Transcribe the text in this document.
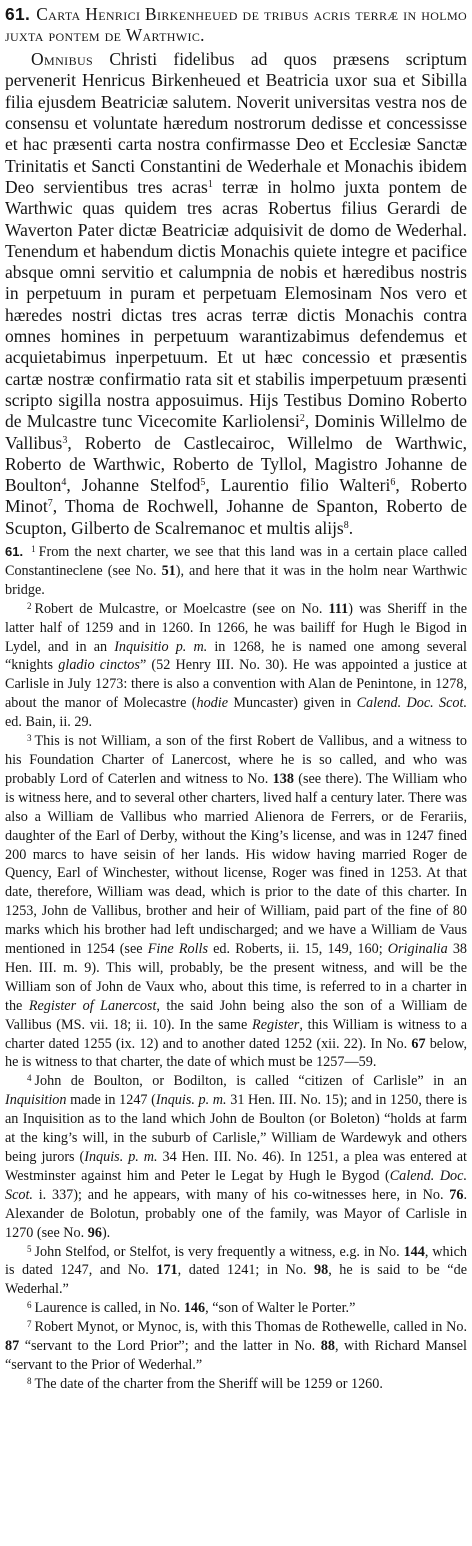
61. Carta Henrici Birkenheued de tribus acris terræ in holmo juxta pontem de Warthwic.

Omnibus Christi fidelibus ad quos præsens scriptum pervenerit Henricus Birkenheued et Beatricia uxor sua et Sibilla filia ejusdem Beatriciæ salutem. Noverit universitas vestra nos de consensu et voluntate hæredum nostrorum dedisse et concessisse et hac præsenti carta nostra confirmasse Deo et Ecclesiæ Sanctæ Trinitatis et Sancti Constantini de Wederhale et Monachis ibidem Deo servientibus tres acras$^1$ terræ in holmo juxta pontem de Warthwic quas quidem tres acras Robertus filius Gerardi de Waverton Pater dictæ Beatriciæ adquisivit de domo de Wederhal. Tenendum et habendum dictis Monachis quiete integre et pacifice absque omni servitio et calumpnia de nobis et hæredibus nostris in perpetuum in puram et perpetuam Elemosinam Nos vero et hæredes nostri dictas tres acras terræ dictis Monachis contra omnes homines in perpetuum warantizabimus defendemus et acquietabimus inperpetuum. Et ut hæc concessio et præsentis cartæ nostræ confirmatio rata sit et stabilis imperpetuum præsenti scripto sigilla nostra apposuimus. Hijs Testibus Domino Roberto de Mulcastre tunc Vicecomite Karliolensi$^2$, Dominis Willelmo de Vallibus$^3$, Roberto de Castlecairoc, Willelmo de Warthwic, Roberto de Warthwic, Roberto de Tyllol, Magistro Johanne de Boulton$^4$, Johanne Stelfod$^5$, Laurentio filio Walteri$^6$, Roberto Minot$^7$, Thoma de Rochwell, Johanne de Spanton, Roberto de Scupton, Gilberto de Scalremanoc et multis alijs$^8$.

61. $^1$ From the next charter, we see that this land was in a certain place called Constantineclene (see No. 51), and here that it was in the holm near Warthwic bridge.

$^2$ Robert de Mulcastre, or Moelcastre (see on No. 111) was Sheriff in the latter half of 1259 and in 1260. In 1266, he was bailiff for Hugh le Bigod in Lydel, and in an Inquisitio p. m. in 1268, he is named one among several “knights gladio cinctos” (52 Henry III. No. 30). He was appointed a justice at Carlisle in July 1273: there is also a convention with Alan de Penintone, in 1278, about the manor of Molecastre (hodie Muncaster) given in Calend. Doc. Scot. ed. Bain, ii. 29.

$^3$ This is not William, a son of the first Robert de Vallibus, and a witness to his Foundation Charter of Lanercost, where he is so called, and who was probably Lord of Caterlen and witness to No. 138 (see there). The William who is witness here, and to several other charters, lived half a century later. There was also a William de Vallibus who married Alienora de Ferrers, or de Ferariis, daughter of the Earl of Derby, without the King’s license, and was in 1247 fined 200 marcs to have seisin of her lands. His widow having married Roger de Quency, Earl of Winchester, without license, Roger was fined in 1253. At that date, therefore, William was dead, which is prior to the date of this charter. In 1253, John de Vallibus, brother and heir of William, paid part of the fine of 80 marks which his brother had left undischarged; and we have a William de Vaus mentioned in 1254 (see Fine Rolls ed. Roberts, ii. 15, 149, 160; Originalia 38 Hen. III. m. 9). This will, probably, be the present witness, and will be the William son of John de Vaux who, about this time, is referred to in a charter in the Register of Lanercost, the said John being also the son of a William de Vallibus (MS. vii. 18; ii. 10). In the same Register, this William is witness to a charter dated 1255 (ix. 12) and to another dated 1252 (xii. 22). In No. 67 below, he is witness to that charter, the date of which must be 1257—59.

$^4$ John de Boulton, or Bodilton, is called “citizen of Carlisle” in an Inquisition made in 1247 (Inquis. p. m. 31 Hen. III. No. 15); and in 1250, there is an Inquisition as to the land which John de Boulton (or Boleton) “holds at farm at the king’s will, in the suburb of Carlisle,” William de Wardewyk and others being jurors (Inquis. p. m. 34 Hen. III. No. 46). In 1251, a plea was entered at Westminster against him and Peter le Legat by Hugh le Bygod (Calend. Doc. Scot. i. 337); and he appears, with many of his co-witnesses here, in No. 76. Alexander de Bolotun, probably one of the family, was Mayor of Carlisle in 1270 (see No. 96).

$^5$ John Stelfod, or Stelfot, is very frequently a witness, e.g. in No. 144, which is dated 1247, and No. 171, dated 1241; in No. 98, he is said to be “de Wederhal.”

$^6$ Laurence is called, in No. 146, “son of Walter le Porter.”

$^7$ Robert Mynot, or Mynoc, is, with this Thomas de Rothewelle, called in No. 87 “servant to the Lord Prior”; and the latter in No. 88, with Richard Mansel “servant to the Prior of Wederhal.”

$^8$ The date of the charter from the Sheriff will be 1259 or 1260.
